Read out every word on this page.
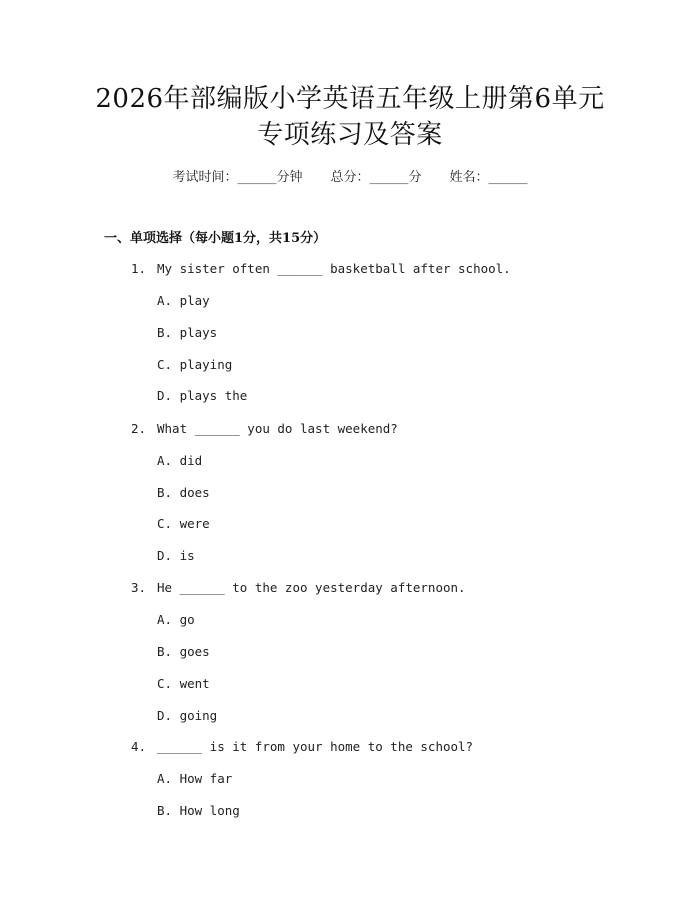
2026年部编版小学英语五年级上册第6单元
专项练习及答案
考试时间：______分钟 总分：______分 姓名：______
一、单项选择（每小题1分，共15分）
1. My sister often ______ basketball after school.
A. play
B. plays
C. playing
D. plays the
2. What ______ you do last weekend?
A. did
B. does
C. were
D. is
3. He ______ to the zoo yesterday afternoon.
A. go
B. goes
C. went
D. going
4. ______ is it from your home to the school?
A. How far
B. How long
